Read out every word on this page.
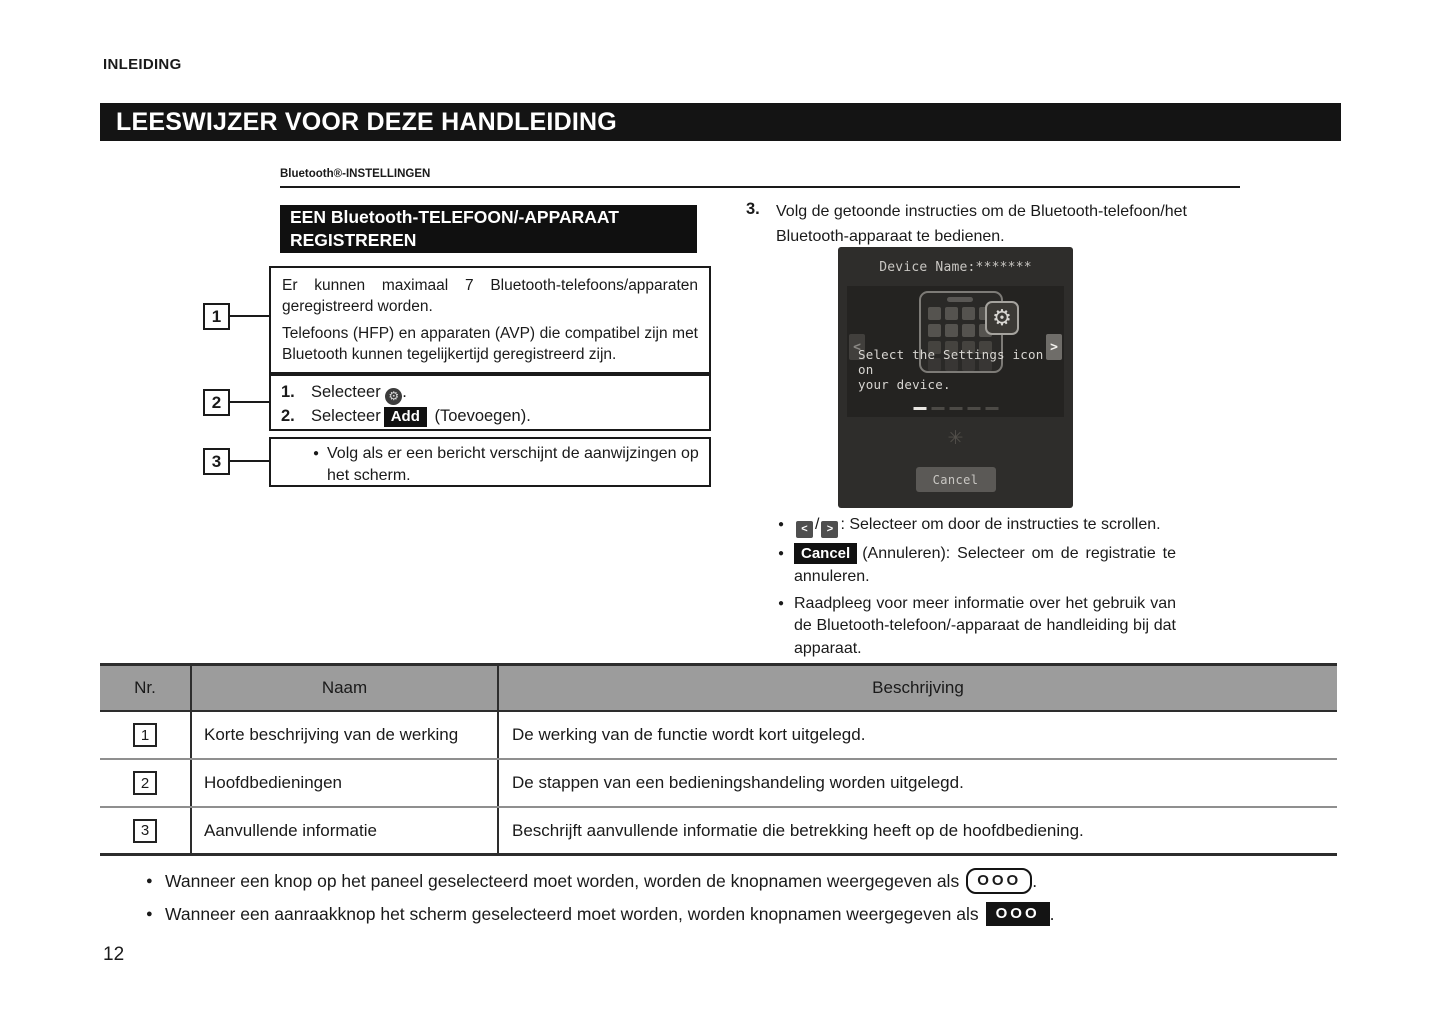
INLEIDING
LEESWIJZER VOOR DEZE HANDLEIDING
Bluetooth®-INSTELLINGEN
EEN Bluetooth-TELEFOON/-APPARAAT REGISTREREN

Er kunnen maximaal 7 Bluetooth-telefoons/apparaten geregistreerd worden.

Telefoons (HFP) en apparaten (AVP) die compatibel zijn met Bluetooth kunnen tegelijkertijd geregistreerd zijn.

1. Selecteer ⚙ .
2. Selecteer Add (Toevoegen).
● Volg als er een bericht verschijnt de aanwijzingen op het scherm.
1
2
3
3.	Volg de getoonde instructies om de Bluetooth-telefoon/het Bluetooth-apparaat te bedienen.
Device Name:*******
⚙
<	>
Select the Settings icon on
your device.
✳
Cancel
●	< / > : Selecteer om door de instructies te scrollen.
●	Cancel (Annuleren): Selecteer om de registratie te annuleren.
● Raadpleeg voor meer informatie over het gebruik van de Bluetooth-telefoon/-apparaat de handleiding bij dat apparaat.
Nr.	Naam	Beschrijving
1	Korte beschrijving van de werking	De werking van de functie wordt kort uitgelegd.
2	Hoofdbedieningen	De stappen van een bedieningshandeling worden uitgelegd.
3	Aanvullende informatie	Beschrijft aanvullende informatie die betrekking heeft op de hoofdbediening.
● Wanneer een knop op het paneel geselecteerd moet worden, worden de knopnamen weergegeven als	OOO .
● Wanneer een aanraakknop het scherm geselecteerd moet worden, worden knopnamen weergegeven als	OOO .
12
